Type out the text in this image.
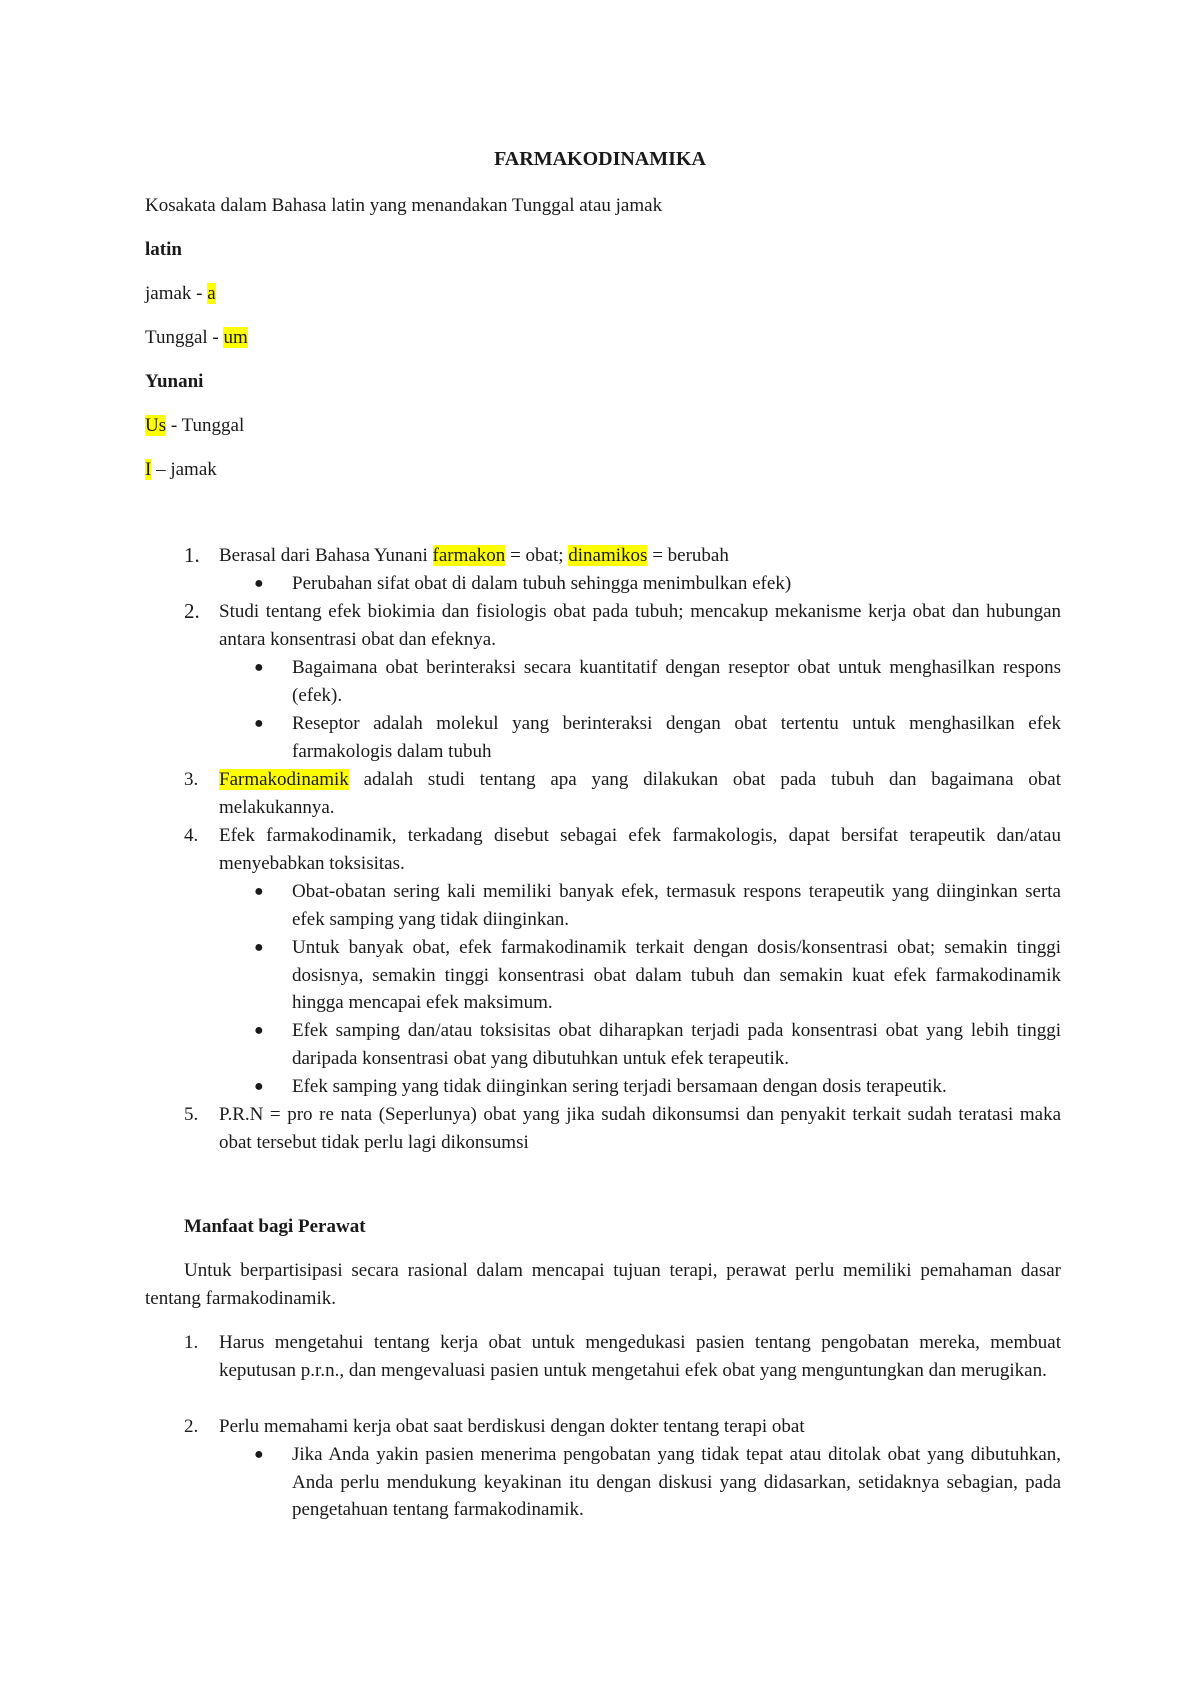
FARMAKODINAMIKA

Kosakata dalam Bahasa latin yang menandakan Tunggal atau jamak

latin

jamak - a

Tunggal - um

Yunani

Us - Tunggal

I – jamak

1. Berasal dari Bahasa Yunani farmakon = obat; dinamikos = berubah

● Perubahan sifat obat di dalam tubuh sehingga menimbulkan efek)

2. Studi tentang efek biokimia dan fisiologis obat pada tubuh; mencakup mekanisme kerja obat dan hubungan antara konsentrasi obat dan efeknya.

● Bagaimana obat berinteraksi secara kuantitatif dengan reseptor obat untuk menghasilkan respons (efek).

● Reseptor adalah molekul yang berinteraksi dengan obat tertentu untuk menghasilkan efek farmakologis dalam tubuh

3. Farmakodinamik adalah studi tentang apa yang dilakukan obat pada tubuh dan bagaimana obat melakukannya.

4. Efek farmakodinamik, terkadang disebut sebagai efek farmakologis, dapat bersifat terapeutik dan/atau menyebabkan toksisitas.

● Obat-obatan sering kali memiliki banyak efek, termasuk respons terapeutik yang diinginkan serta efek samping yang tidak diinginkan.

● Untuk banyak obat, efek farmakodinamik terkait dengan dosis/konsentrasi obat; semakin tinggi dosisnya, semakin tinggi konsentrasi obat dalam tubuh dan semakin kuat efek farmakodinamik hingga mencapai efek maksimum.

● Efek samping dan/atau toksisitas obat diharapkan terjadi pada konsentrasi obat yang lebih tinggi daripada konsentrasi obat yang dibutuhkan untuk efek terapeutik.

● Efek samping yang tidak diinginkan sering terjadi bersamaan dengan dosis terapeutik.

5. P.R.N = pro re nata (Seperlunya) obat yang jika sudah dikonsumsi dan penyakit terkait sudah teratasi maka obat tersebut tidak perlu lagi dikonsumsi

Manfaat bagi Perawat

Untuk berpartisipasi secara rasional dalam mencapai tujuan terapi, perawat perlu memiliki pemahaman dasar tentang farmakodinamik.

1. Harus mengetahui tentang kerja obat untuk mengedukasi pasien tentang pengobatan mereka, membuat keputusan p.r.n., dan mengevaluasi pasien untuk mengetahui efek obat yang menguntungkan dan merugikan.

2. Perlu memahami kerja obat saat berdiskusi dengan dokter tentang terapi obat

● Jika Anda yakin pasien menerima pengobatan yang tidak tepat atau ditolak obat yang dibutuhkan, Anda perlu mendukung keyakinan itu dengan diskusi yang didasarkan, setidaknya sebagian, pada pengetahuan tentang farmakodinamik.
